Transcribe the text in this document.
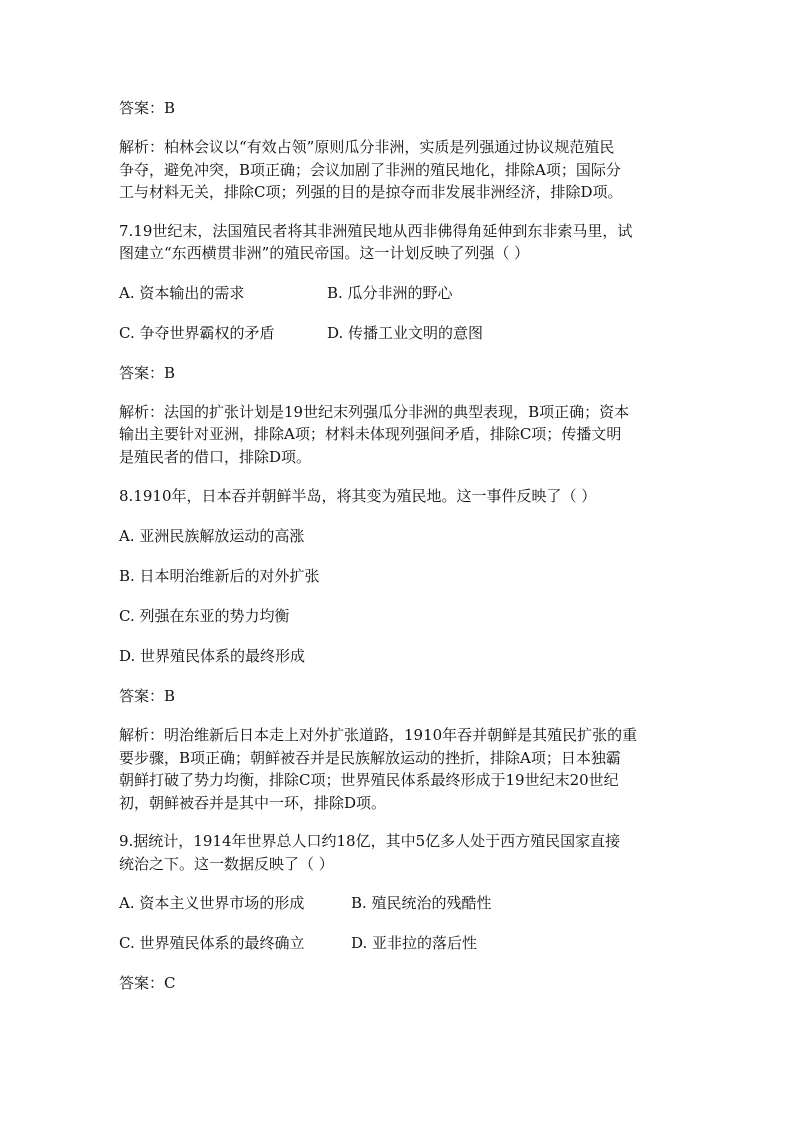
答案：B

解析：柏林会议以“有效占领”原则瓜分非洲，实质是列强通过协议规范殖民

争夺，避免冲突，B项正确；会议加剧了非洲的殖民地化，排除A项；国际分

工与材料无关，排除C项；列强的目的是掠夺而非发展非洲经济，排除D项。

7.19世纪末，法国殖民者将其非洲殖民地从西非佛得角延伸到东非索马里，试

图建立“东西横贯非洲”的殖民帝国。这一计划反映了列强（ ）

A. 资本输出的需求	B. 瓜分非洲的野心
C. 争夺世界霸权的矛盾	D. 传播工业文明的意图

答案：B

解析：法国的扩张计划是19世纪末列强瓜分非洲的典型表现，B项正确；资本

输出主要针对亚洲，排除A项；材料未体现列强间矛盾，排除C项；传播文明

是殖民者的借口，排除D项。

8.1910年，日本吞并朝鲜半岛，将其变为殖民地。这一事件反映了（ ）

A. 亚洲民族解放运动的高涨

B. 日本明治维新后的对外扩张

C. 列强在东亚的势力均衡

D. 世界殖民体系的最终形成

答案：B

解析：明治维新后日本走上对外扩张道路，1910年吞并朝鲜是其殖民扩张的重

要步骤，B项正确；朝鲜被吞并是民族解放运动的挫折，排除A项；日本独霸

朝鲜打破了势力均衡，排除C项；世界殖民体系最终形成于19世纪末20世纪

初，朝鲜被吞并是其中一环，排除D项。

9.据统计，1914年世界总人口约18亿，其中5亿多人处于西方殖民国家直接

统治之下。这一数据反映了（ ）

A. 资本主义世界市场的形成	B. 殖民统治的残酷性
C. 世界殖民体系的最终确立	D. 亚非拉的落后性

答案：C
